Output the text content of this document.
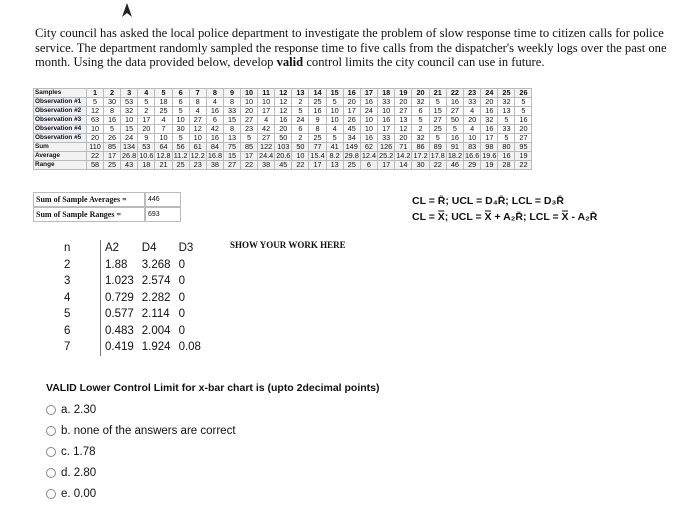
City council has asked the local police department to investigate the problem of slow response time to citizen calls for police service. The department randomly sampled the response time to five calls from the dispatcher's weekly logs over the past one month. Using the data provided below, develop valid control limits the city council can use in future.
Samples	1	2	3	4	5	6	7	8	9	10	11	12	13	14	15	16	17	18	19	20	21	22	23	24	25	26
Observation #1	5	30	53	5	18	6	8	4	8	10	10	12	2	25	5	20	16	33	20	32	5	16	33	20	32	5
Observation #2	12	8	32	2	25	5	4	16	33	20	17	12	5	16	10	17	24	10	27	6	15	27	4	16	13	5
Observation #3	63	16	10	17	4	10	27	6	15	27	4	16	24	9	10	26	10	16	13	5	27	50	20	32	5	16
Observation #4	10	5	15	20	7	30	12	42	8	23	42	20	6	8	4	45	10	17	12	2	25	5	4	16	33	20
Observation #5	20	26	24	9	10	5	10	16	13	5	27	50	2	25	5	34	16	33	20	32	5	16	10	17	5	27
Sum	110	85	134	53	64	56	61	84	75	85	122	103	50	77	41	149	62	126	71	86	89	91	83	98	80	95
Average	22	17	26.8	10.6	12.8	11.2	12.2	16.8	15	17	24.4	20.6	10	15.4	8.2	29.8	12.4	25.2	14.2	17.2	17.8	18.2	16.6	19.6	16	19
Range	58	25	43	18	21	25	23	38	27	22	38	45	22	17	13	25	6	17	14	30	22	46	29	19	28	22
Sum of Sample Averages =	446
Sum of Sample Ranges =	693
CL = R̄; UCL = D₄R̄; LCL = D₃R̄
CL = X̿; UCL = X̿ + A₂R̄; LCL = X̿ - A₂R̄
n	A2	D4	D3
2	1.88	3.268	0
3	1.023	2.574	0
4	0.729	2.282	0
5	0.577	2.114	0
6	0.483	2.004	0
7	0.419	1.924	0.08
SHOW YOUR WORK HERE
VALID Lower Control Limit for x-bar chart is (upto 2decimal points)
a. 2.30
b. none of the answers are correct
c. 1.78
d. 2.80
e. 0.00
